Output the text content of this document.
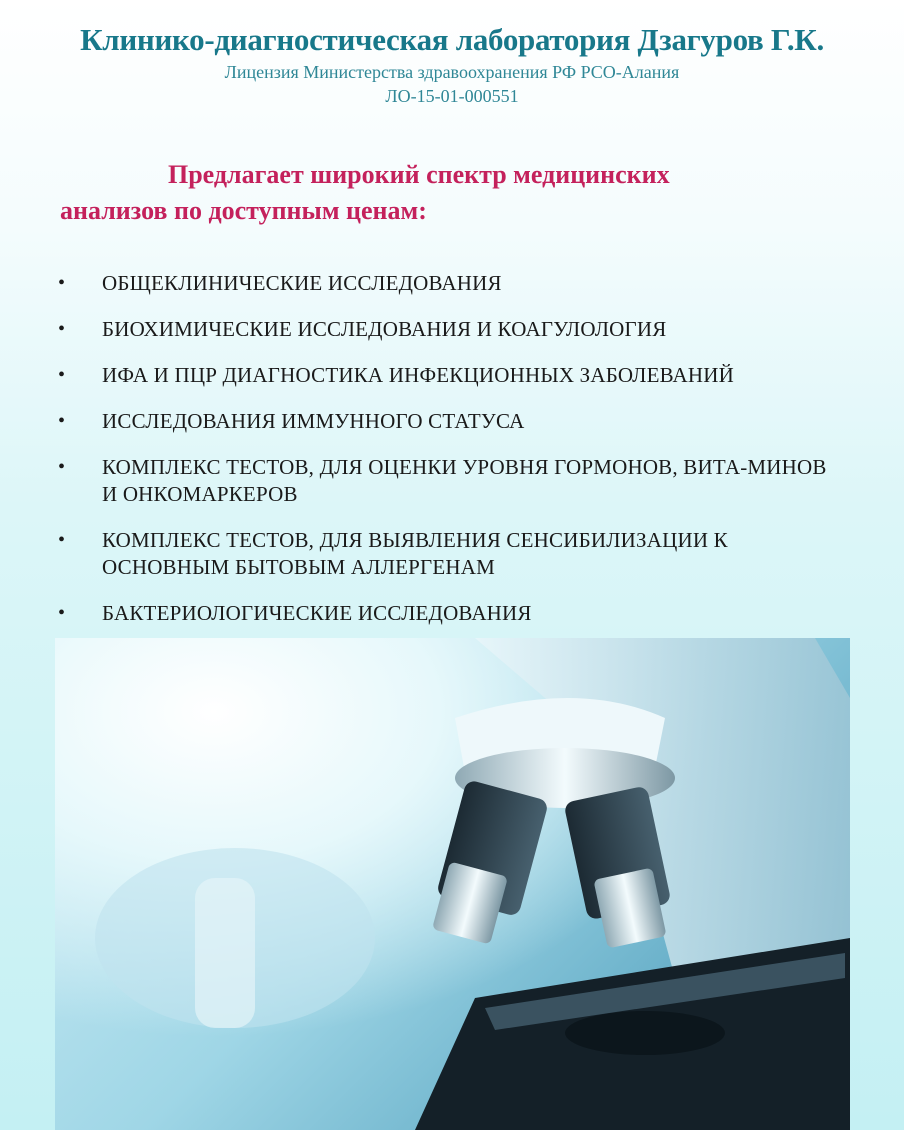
Клинико-диагностическая лаборатория Дзагуров Г.К.
Лицензия Министерства здравоохранения РФ РСО-Алания
ЛО-15-01-000551
Предлагает широкий спектр медицинских
анализов по доступным ценам:
• ОБЩЕКЛИНИЧЕСКИЕ ИССЛЕДОВАНИЯ
• БИОХИМИЧЕСКИЕ ИССЛЕДОВАНИЯ И КОАГУЛОЛОГИЯ
• ИФА И ПЦР ДИАГНОСТИКА ИНФЕКЦИОННЫХ ЗАБОЛЕВАНИЙ
• ИССЛЕДОВАНИЯ ИММУННОГО СТАТУСА
• КОМПЛЕКС ТЕСТОВ, ДЛЯ ОЦЕНКИ УРОВНЯ ГОРМОНОВ, ВИТА-МИНОВ И ОНКОМАРКЕРОВ
• КОМПЛЕКС ТЕСТОВ, ДЛЯ ВЫЯВЛЕНИЯ СЕНСИБИЛИЗАЦИИ К ОСНОВНЫМ БЫТОВЫМ АЛЛЕРГЕНАМ
• БАКТЕРИОЛОГИЧЕСКИЕ ИССЛЕДОВАНИЯ
